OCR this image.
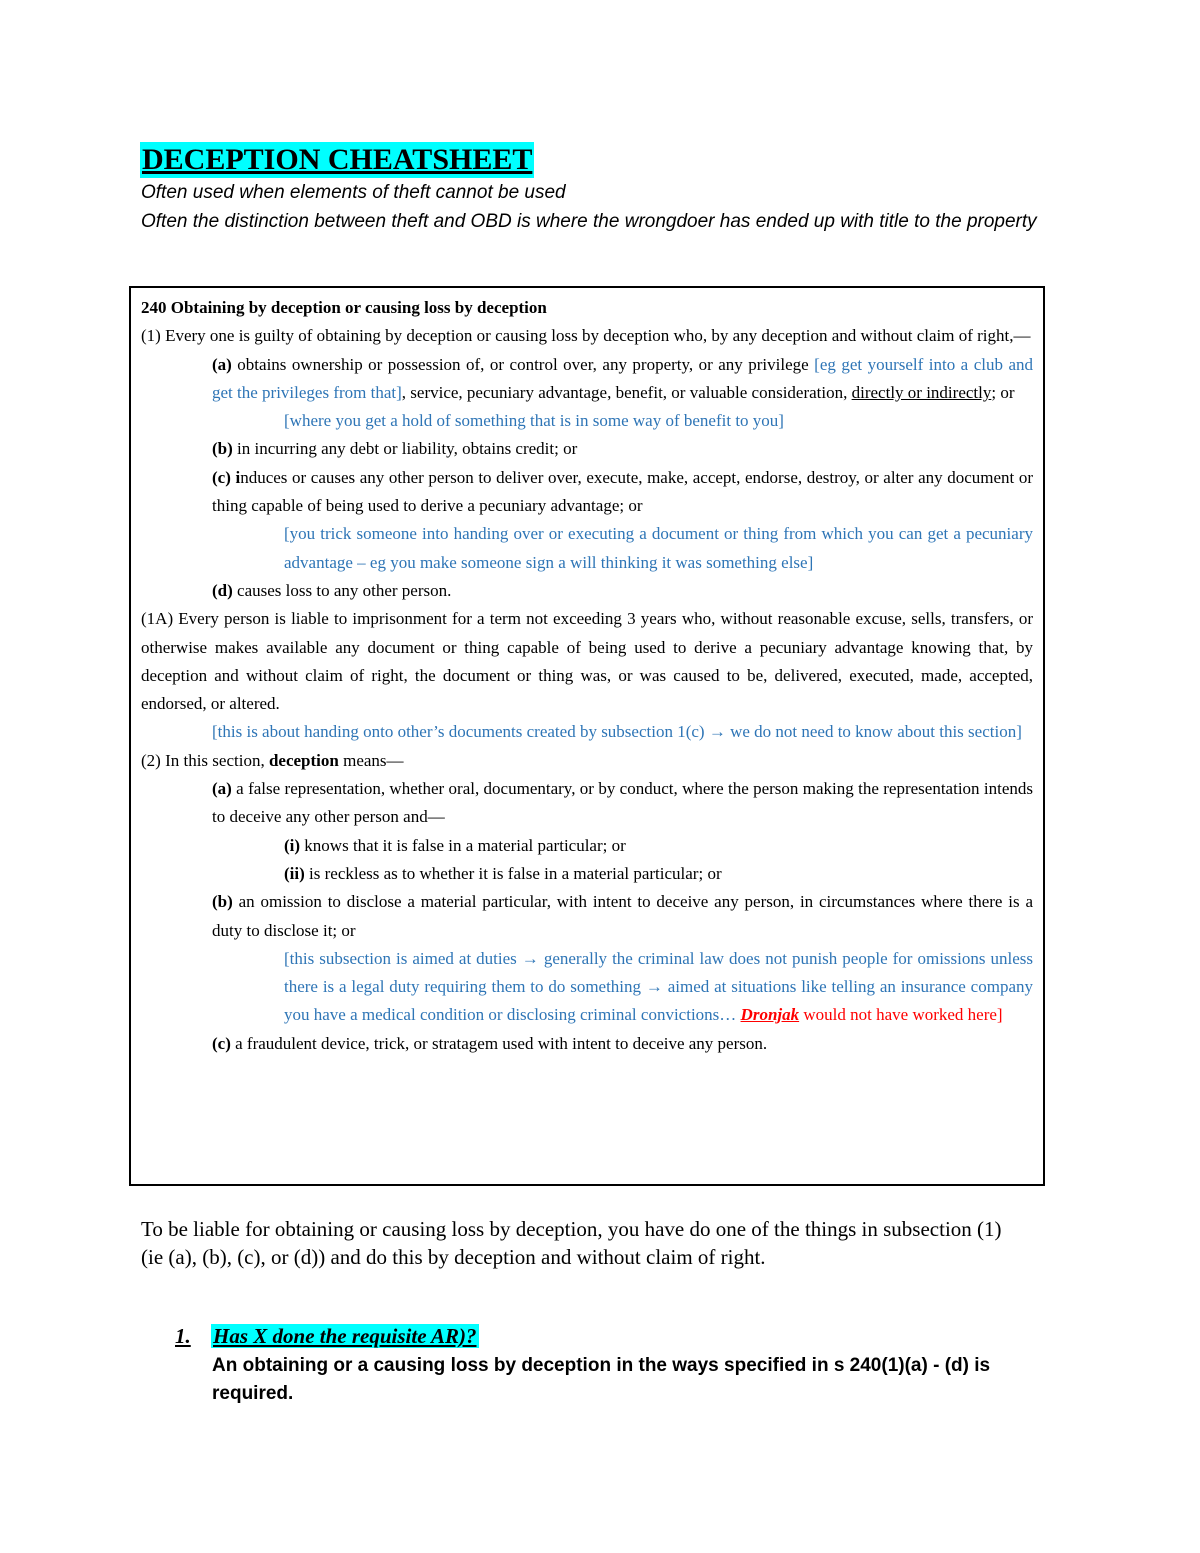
DECEPTION CHEATSHEET
Often used when elements of theft cannot be used
Often the distinction between theft and OBD is where the wrongdoer has ended up with title to the property

240 Obtaining by deception or causing loss by deception

(1) Every one is guilty of obtaining by deception or causing loss by deception who, by any deception and without claim of right,—

(a) obtains ownership or possession of, or control over, any property, or any privilege [eg get yourself into a club and get the privileges from that], service, pecuniary advantage, benefit, or valuable consideration, directly or indirectly; or

[where you get a hold of something that is in some way of benefit to you]

(b) in incurring any debt or liability, obtains credit; or

(c) induces or causes any other person to deliver over, execute, make, accept, endorse, destroy, or alter any document or thing capable of being used to derive a pecuniary advantage; or

[you trick someone into handing over or executing a document or thing from which you can get a pecuniary advantage – eg you make someone sign a will thinking it was something else]

(d) causes loss to any other person.

(1A) Every person is liable to imprisonment for a term not exceeding 3 years who, without reasonable excuse, sells, transfers, or otherwise makes available any document or thing capable of being used to derive a pecuniary advantage knowing that, by deception and without claim of right, the document or thing was, or was caused to be, delivered, executed, made, accepted, endorsed, or altered.

[this is about handing onto other’s documents created by subsection 1(c) → we do not need to know about this section]

(2) In this section, deception means—

(a) a false representation, whether oral, documentary, or by conduct, where the person making the representation intends to deceive any other person and—

(i) knows that it is false in a material particular; or

(ii) is reckless as to whether it is false in a material particular; or

(b) an omission to disclose a material particular, with intent to deceive any person, in circumstances where there is a duty to disclose it; or

[this subsection is aimed at duties → generally the criminal law does not punish people for omissions unless there is a legal duty requiring them to do something → aimed at situations like telling an insurance company you have a medical condition or disclosing criminal convictions… Dronjak would not have worked here]

(c) a fraudulent device, trick, or stratagem used with intent to deceive any person.

To be liable for obtaining or causing loss by deception, you have do one of the things in subsection (1) (ie (a), (b), (c), or (d)) and do this by deception and without claim of right.
1. Has X done the requisite AR)?
An obtaining or a causing loss by deception in the ways specified in s 240(1)(a) - (d) is required.
